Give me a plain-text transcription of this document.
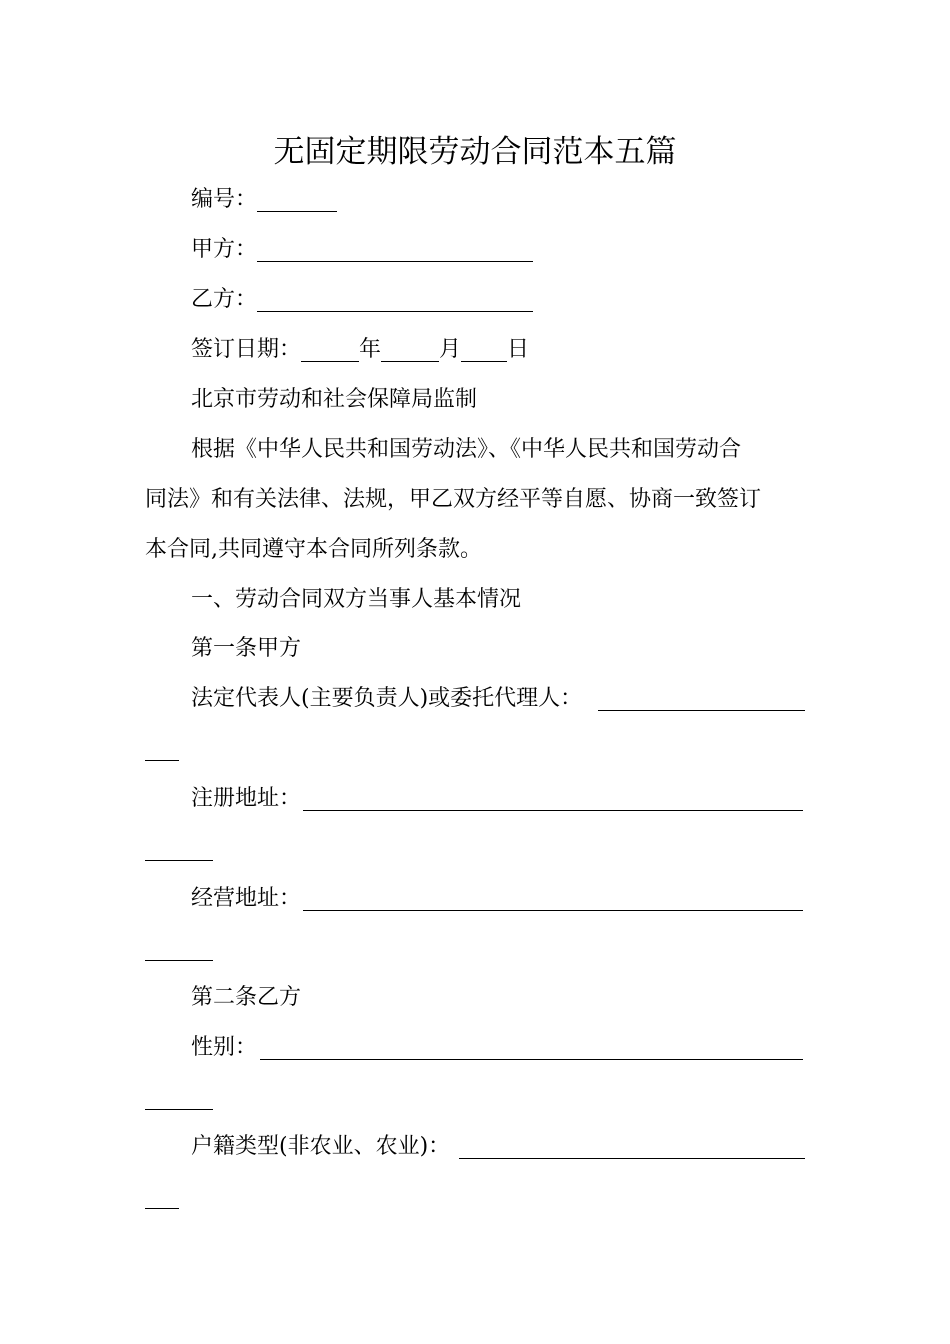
无固定期限劳动合同范本五篇
编号：
甲方：
乙方：
签订日期：	年	月 日
北京市劳动和社会保障局监制
根据《中华人民共和国劳动法》、《中华人民共和国劳动合
同法》和有关法律、法规，甲乙双方经平等自愿、协商一致签订
本合同,共同遵守本合同所列条款。
一、劳动合同双方当事人基本情况
第一条甲方
法定代表人(主要负责人)或委托代理人：
注册地址：
经营地址：
第二条乙方
性别：
户籍类型(非农业、农业)：
